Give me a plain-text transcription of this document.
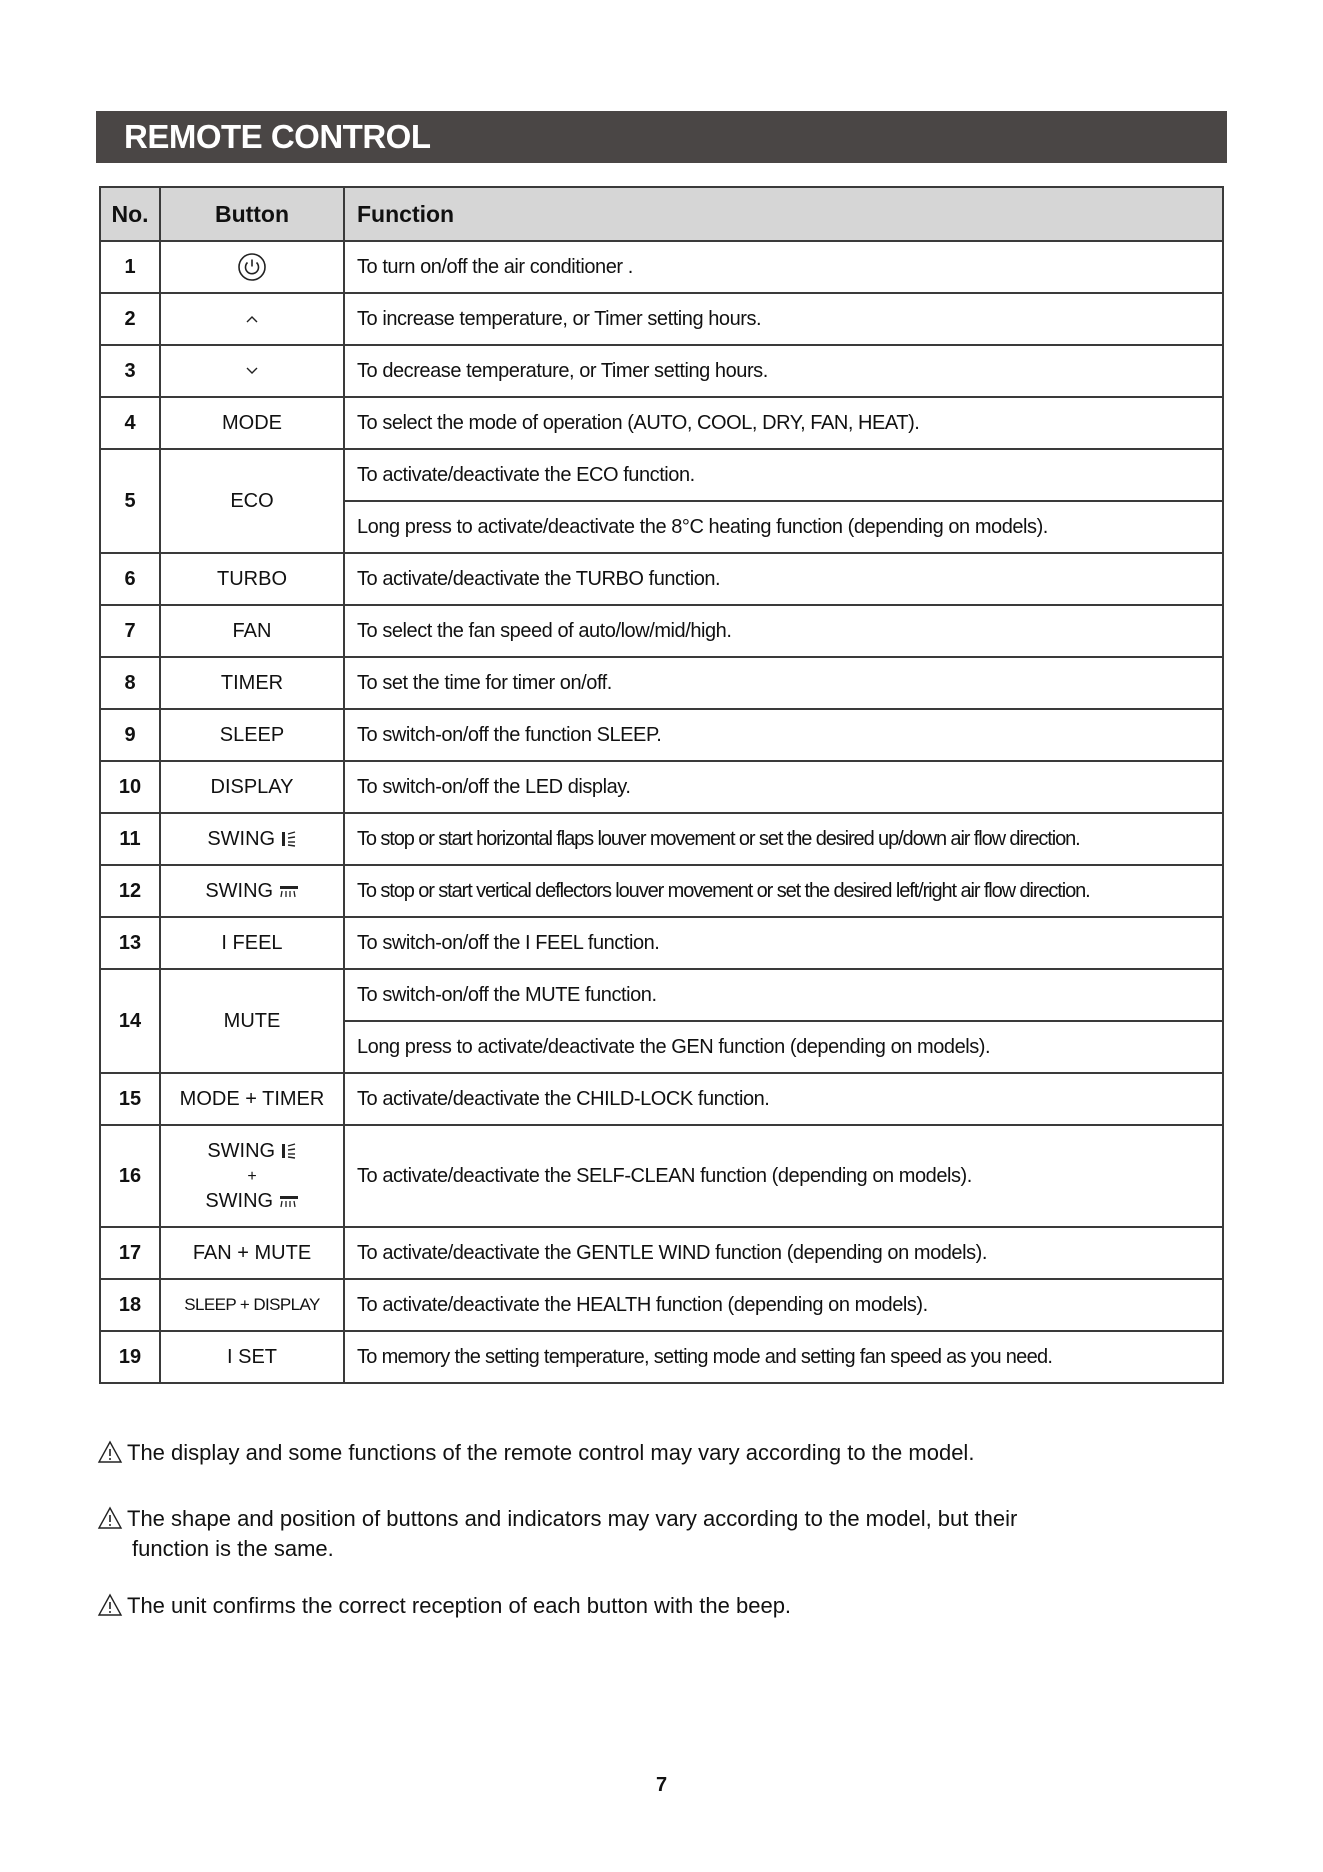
REMOTE CONTROL
No.	Button	Function
1		To turn on/off the air conditioner .
2		To increase temperature, or Timer setting hours.
3		To decrease temperature, or Timer setting hours.
4	MODE	To select the mode of operation (AUTO, COOL, DRY, FAN, HEAT).
5	ECO	To activate/deactivate the ECO function.
		Long press to activate/deactivate the 8°C heating function (depending on models).
6	TURBO	To activate/deactivate the TURBO function.
7	FAN	To select the fan speed of auto/low/mid/high.
8	TIMER	To set the time for timer on/off.
9	SLEEP	To switch-on/off the function SLEEP.
10	DISPLAY	To switch-on/off the LED display.
11	SWING	To stop or start horizontal flaps louver movement or set the desired up/down air flow direction.
12	SWING	To stop or start vertical deflectors louver movement or set the desired left/right air flow direction.
13	I FEEL	To switch-on/off the I FEEL function.
14	MUTE	To switch-on/off the MUTE function.
		Long press to activate/deactivate the GEN function (depending on models).
15	MODE + TIMER	To activate/deactivate the CHILD-LOCK function.
16	SWING
+
SWING	To activate/deactivate the SELF-CLEAN function (depending on models).
17	FAN + MUTE	To activate/deactivate the GENTLE WIND function (depending on models).
18	SLEEP + DISPLAY	To activate/deactivate the HEALTH function (depending on models).
19	I SET	To memory the setting temperature, setting mode and setting fan speed as you need.
The display and some functions of the remote control may vary according to the model.
The shape and position of buttons and indicators may vary according to the model, but their
function is the same.
The unit confirms the correct reception of each button with the beep.
7
